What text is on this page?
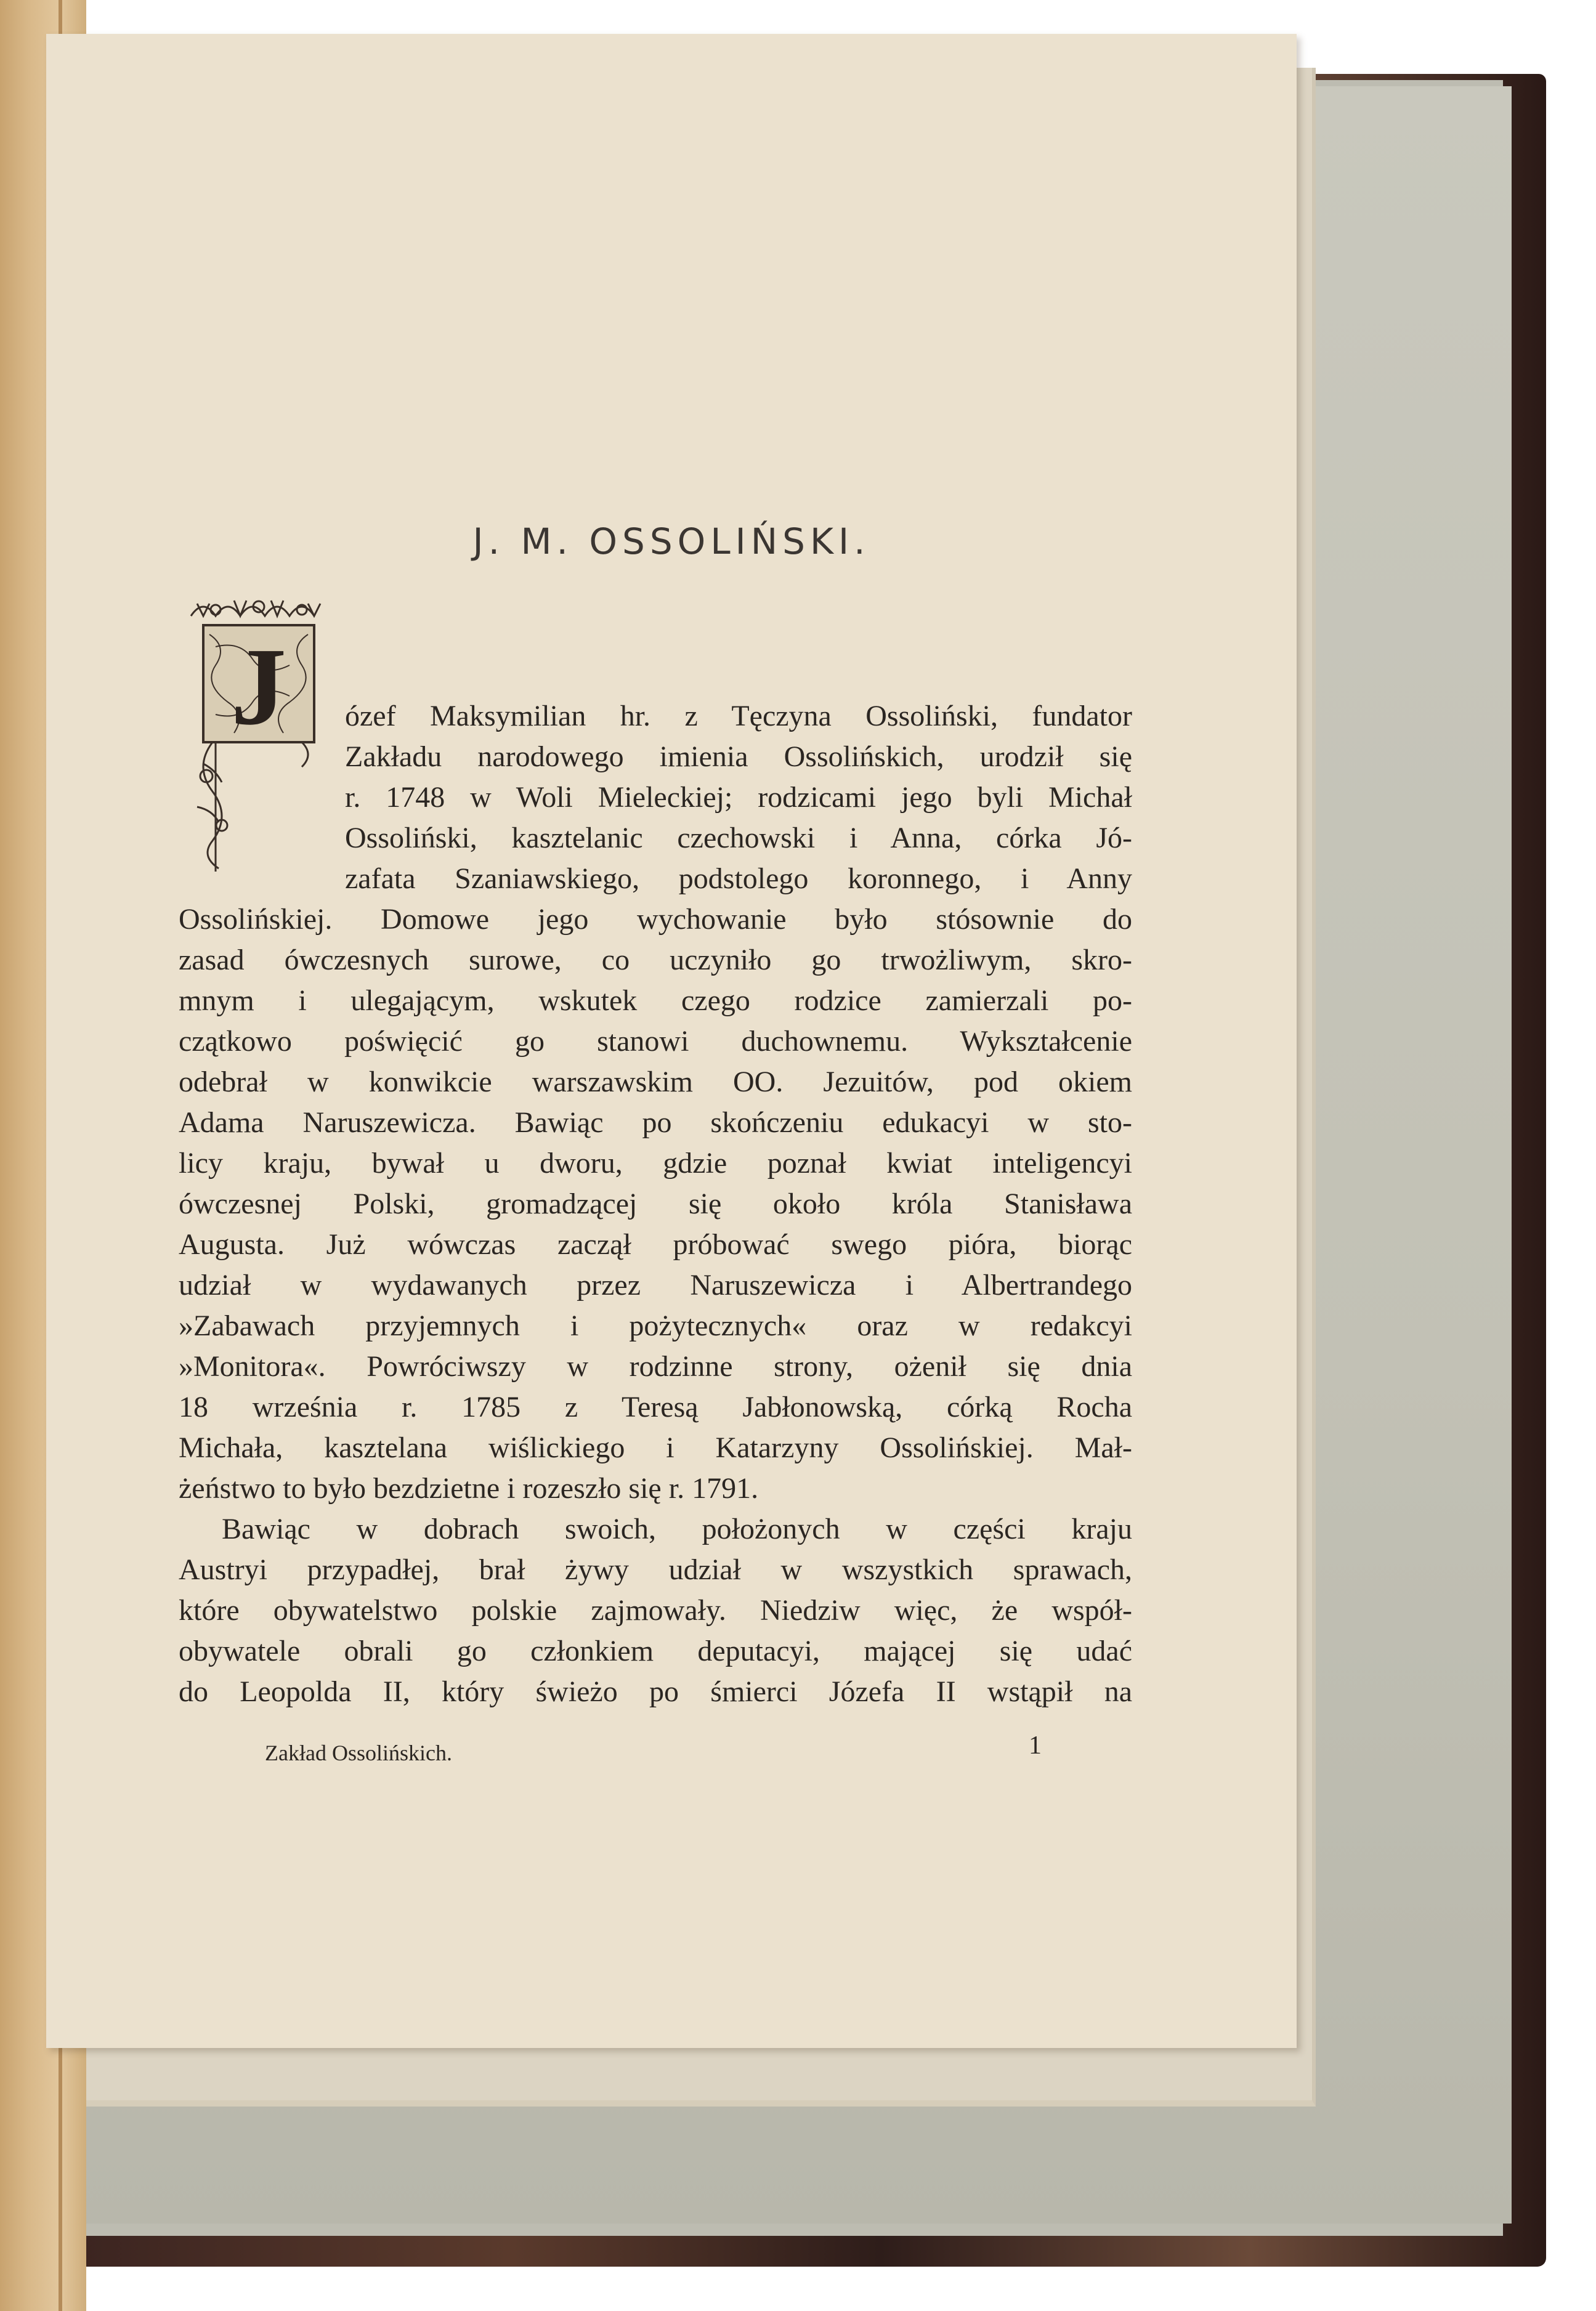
J. M. OSSOLIŃSKI.
J	ózef Maksymilian hr. z Tęczyna Ossoliński, fundator
Zakładu narodowego imienia Ossolińskich, urodził się
r. 1748 w Woli Mieleckiej; rodzicami jego byli Michał
Ossoliński, kasztelanic czechowski i Anna, córka Jó-
zafata Szaniawskiego, podstolego koronnego, i Anny
Ossolińskiej. Domowe jego wychowanie było stósownie do
zasad ówczesnych surowe, co uczyniło go trwożliwym, skro-
mnym i ulegającym, wskutek czego rodzice zamierzali po-
czątkowo poświęcić go stanowi duchownemu. Wykształcenie
odebrał w konwikcie warszawskim OO. Jezuitów, pod okiem
Adama Naruszewicza. Bawiąc po skończeniu edukacyi w sto-
licy kraju, bywał u dworu, gdzie poznał kwiat inteligencyi
ówczesnej Polski, gromadzącej się około króla Stanisława
Augusta. Już wówczas zaczął próbować swego pióra, biorąc
udział w wydawanych przez Naruszewicza i Albertrandego
»Zabawach przyjemnych i pożytecznych« oraz w redakcyi
»Monitora«. Powróciwszy w rodzinne strony, ożenił się dnia
18 września r. 1785 z Teresą Jabłonowską, córką Rocha
Michała, kasztelana wiślickiego i Katarzyny Ossolińskiej. Mał-
żeństwo to było bezdzietne i rozeszło się r. 1791.
Bawiąc w dobrach swoich, położonych w części kraju
Austryi przypadłej, brał żywy udział w wszystkich sprawach,
które obywatelstwo polskie zajmowały. Niedziw więc, że współ-
obywatele obrali go członkiem deputacyi, mającej się udać
do Leopolda II, który świeżo po śmierci Józefa II wstąpił na
Zakład Ossolińskich.	1
